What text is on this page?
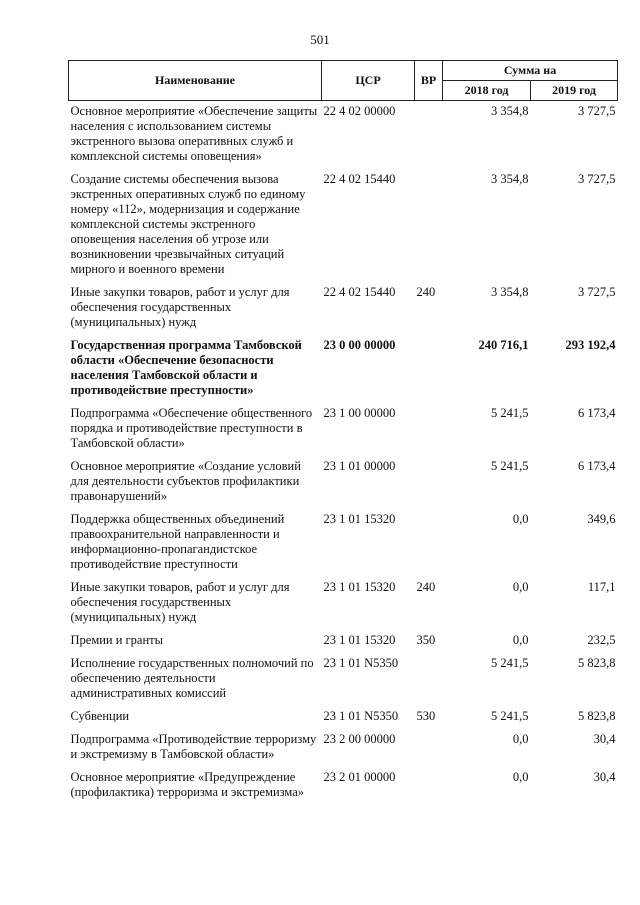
501
Наименование	ЦСР	ВР	Сумма на	
			2018 год	2019 год
Основное мероприятие «Обеспечение защиты населения с использованием системы экстренного вызова оперативных служб и комплексной системы оповещения»	22 4 02 00000		3 354,8	3 727,5
Создание системы обеспечения вызова экстренных оперативных служб по единому номеру «112», модернизация и содержание комплексной системы экстренного оповещения населения об угрозе или возникновении чрезвычайных ситуаций мирного и военного времени	22 4 02 15440		3 354,8	3 727,5
Иные закупки товаров, работ и услуг для обеспечения государственных (муниципальных) нужд	22 4 02 15440	240	3 354,8	3 727,5
Государственная программа Тамбовской области «Обеспечение безопасности населения Тамбовской области и противодействие преступности»	23 0 00 00000		240 716,1	293 192,4
Подпрограмма «Обеспечение общественного порядка и противодействие преступности в Тамбовской области»	23 1 00 00000		5 241,5	6 173,4
Основное мероприятие «Создание условий для деятельности субъектов профилактики правонарушений»	23 1 01 00000		5 241,5	6 173,4
Поддержка общественных объединений правоохранительной направленности и информационно-пропагандистское противодействие преступности	23 1 01 15320		0,0	349,6
Иные закупки товаров, работ и услуг для обеспечения государственных (муниципальных) нужд	23 1 01 15320	240	0,0	117,1
Премии и гранты	23 1 01 15320	350	0,0	232,5
Исполнение государственных полномочий по обеспечению деятельности административных комиссий	23 1 01 N5350		5 241,5	5 823,8
Субвенции	23 1 01 N5350	530	5 241,5	5 823,8
Подпрограмма «Противодействие терроризму и экстремизму в Тамбовской области»	23 2 00 00000		0,0	30,4
Основное мероприятие «Предупреждение (профилактика) терроризма и экстремизма»	23 2 01 00000		0,0	30,4
